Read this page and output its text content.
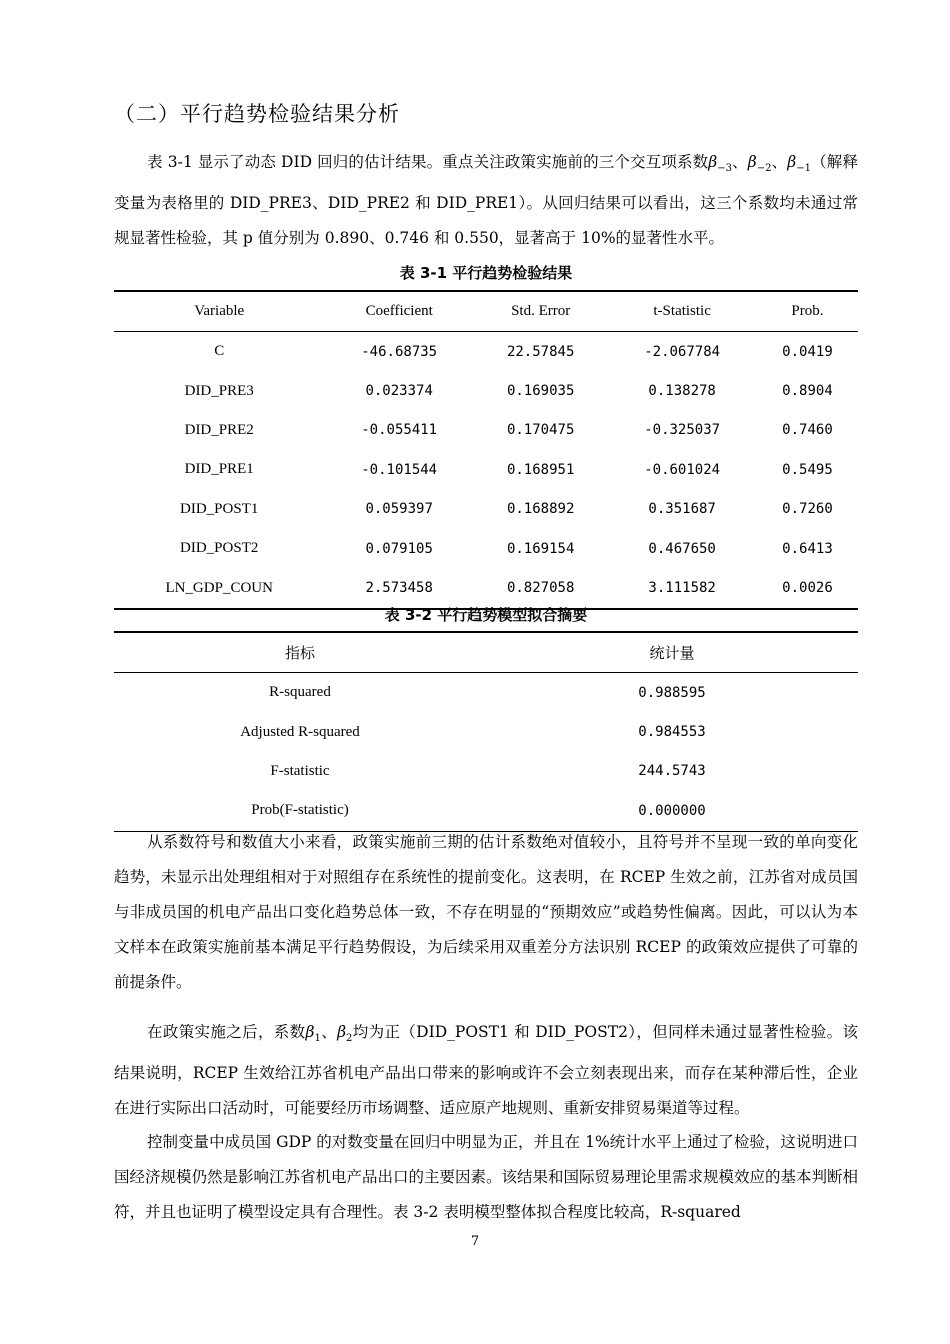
（二）平行趋势检验结果分析

表 3-1 显示了动态 DID 回归的估计结果。重点关注政策实施前的三个交互项系数$\beta_{-3}$、$\beta_{-2}$、$\beta_{-1}$（解释变量为表格里的 DID_PRE3、DID_PRE2 和 DID_PRE1）。从回归结果可以看出，这三个系数均未通过常规显著性检验，其 p 值分别为 0.890、0.746 和 0.550，显著高于 10%的显著性水平。

表 3-1 平行趋势检验结果
Variable	Coefficient	Std. Error	t-Statistic	Prob.
C	-46.68735	22.57845	-2.067784	0.0419
DID_PRE3	0.023374	0.169035	0.138278	0.8904
DID_PRE2	-0.055411	0.170475	-0.325037	0.7460
DID_PRE1	-0.101544	0.168951	-0.601024	0.5495
DID_POST1	0.059397	0.168892	0.351687	0.7260
DID_POST2	0.079105	0.169154	0.467650	0.6413
LN_GDP_COUN	2.573458	0.827058	3.111582	0.0026
表 3-2 平行趋势模型拟合摘要
指标	统计量
R-squared	0.988595
Adjusted R-squared	0.984553
F-statistic	244.5743
Prob(F-statistic)	0.000000

从系数符号和数值大小来看，政策实施前三期的估计系数绝对值较小，且符号并不呈现一致的单向变化趋势，未显示出处理组相对于对照组存在系统性的提前变化。这表明，在 RCEP 生效之前，江苏省对成员国与非成员国的机电产品出口变化趋势总体一致，不存在明显的“预期效应”或趋势性偏离。因此，可以认为本文样本在政策实施前基本满足平行趋势假设，为后续采用双重差分方法识别 RCEP 的政策效应提供了可靠的前提条件。

在政策实施之后，系数$\beta_1$、$\beta_2$均为正（DID_POST1 和 DID_POST2），但同样未通过显著性检验。该结果说明，RCEP 生效给江苏省机电产品出口带来的影响或许不会立刻表现出来，而存在某种滞后性，企业在进行实际出口活动时，可能要经历市场调整、适应原产地规则、重新安排贸易渠道等过程。

控制变量中成员国 GDP 的对数变量在回归中明显为正，并且在 1%统计水平上通过了检验，这说明进口国经济规模仍然是影响江苏省机电产品出口的主要因素。该结果和国际贸易理论里需求规模效应的基本判断相符，并且也证明了模型设定具有合理性。表 3-2 表明模型整体拟合程度比较高，R-squared

7
